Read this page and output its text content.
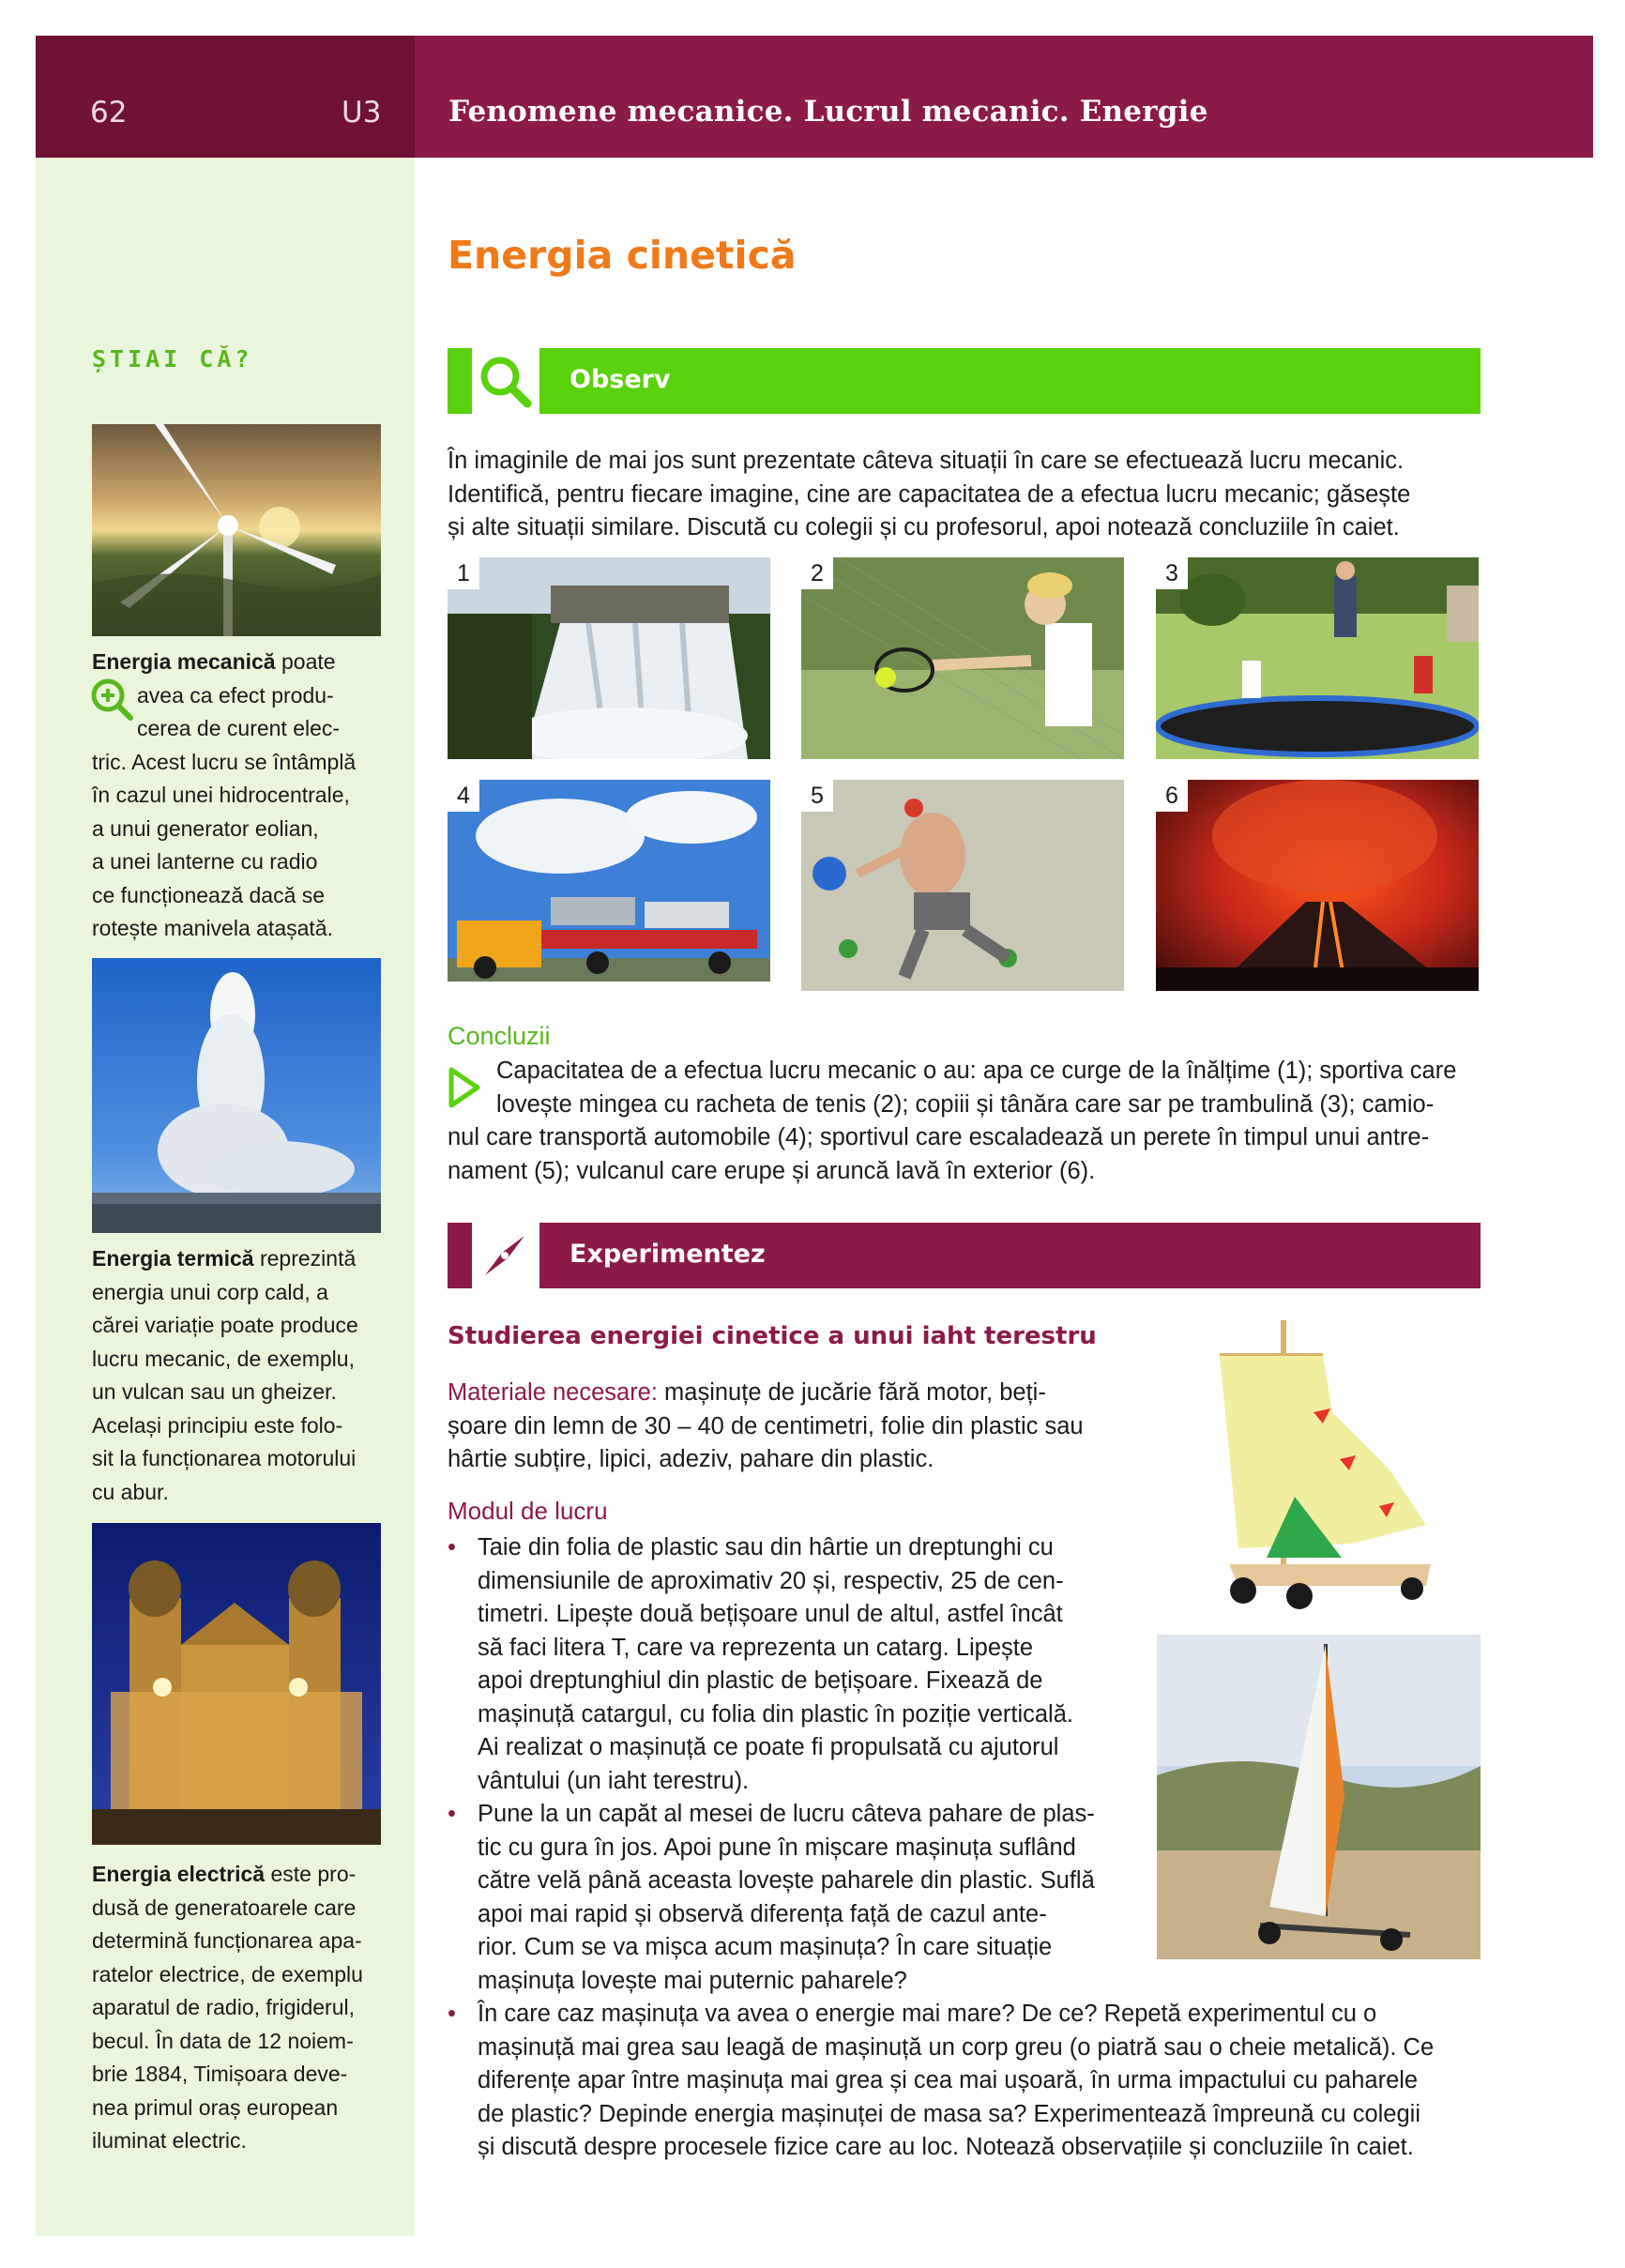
62	U3 Fenomene mecanice. Lucrul mecanic. Energie
ȘTIAI CĂ?
Energia mecanică poate
avea ca efect produ-
cerea de curent elec-
tric. Acest lucru se întâmplă
în cazul unei hidrocentrale,
a unui generator eolian,
a unei lanterne cu radio
ce funcționează dacă se
rotește manivela atașată.
Energia termică reprezintă
energia unui corp cald, a
cărei variație poate produce
lucru mecanic, de exemplu,
un vulcan sau un gheizer.
Același principiu este folo-
sit la funcționarea motorului
cu abur.
Energia electrică este pro-
dusă de generatoarele care
determină funcționarea apa-
ratelor electrice, de exemplu
aparatul de radio, frigiderul,
becul. În data de 12 noiem-
brie 1884, Timișoara deve-
nea primul oraș european
iluminat electric.
Energia cinetică
Observ
În imaginile de mai jos sunt prezentate câteva situații în care se efectuează lucru mecanic.
Identifică, pentru fiecare imagine, cine are capacitatea de a efectua lucru mecanic; găsește
și alte situații similare. Discută cu colegii și cu profesorul, apoi notează concluziile în caiet.
1	2	3
4	5	6
Concluzii
Capacitatea de a efectua lucru mecanic o au: apa ce curge de la înălțime (1); sportiva care
lovește mingea cu racheta de tenis (2); copiii și tânăra care sar pe trambulină (3); camio-
nul care transportă automobile (4); sportivul care escaladează un perete în timpul unui antre-
nament (5); vulcanul care erupe și aruncă lavă în exterior (6).
Experimentez
Studierea energiei cinetice a unui iaht terestru
Materiale necesare: mașinuțe de jucărie fără motor, beți-
șoare din lemn de 30 – 40 de centimetri, folie din plastic sau
hârtie subțire, lipici, adeziv, pahare din plastic.
Modul de lucru
• Taie din folia de plastic sau din hârtie un dreptunghi cu
dimensiunile de aproximativ 20 și, respectiv, 25 de cen-
timetri. Lipește două bețișoare unul de altul, astfel încât
să faci litera T, care va reprezenta un catarg. Lipește
apoi dreptunghiul din plastic de bețișoare. Fixează de
mașinuță catargul, cu folia din plastic în poziție verticală.
Ai realizat o mașinuță ce poate fi propulsată cu ajutorul
vântului (un iaht terestru).
• Pune la un capăt al mesei de lucru câteva pahare de plas-
tic cu gura în jos. Apoi pune în mișcare mașinuța suflând
către velă până aceasta lovește paharele din plastic. Suflă
apoi mai rapid și observă diferența față de cazul ante-
rior. Cum se va mișca acum mașinuța? În care situație
mașinuța lovește mai puternic paharele?
• În care caz mașinuța va avea o energie mai mare? De ce? Repetă experimentul cu o
mașinuță mai grea sau leagă de mașinuță un corp greu (o piatră sau o cheie metalică). Ce
diferențe apar între mașinuța mai grea și cea mai ușoară, în urma impactului cu paharele
de plastic? Depinde energia mașinuței de masa sa? Experimentează împreună cu colegii
și discută despre procesele fizice care au loc. Notează observațiile și concluziile în caiet.
